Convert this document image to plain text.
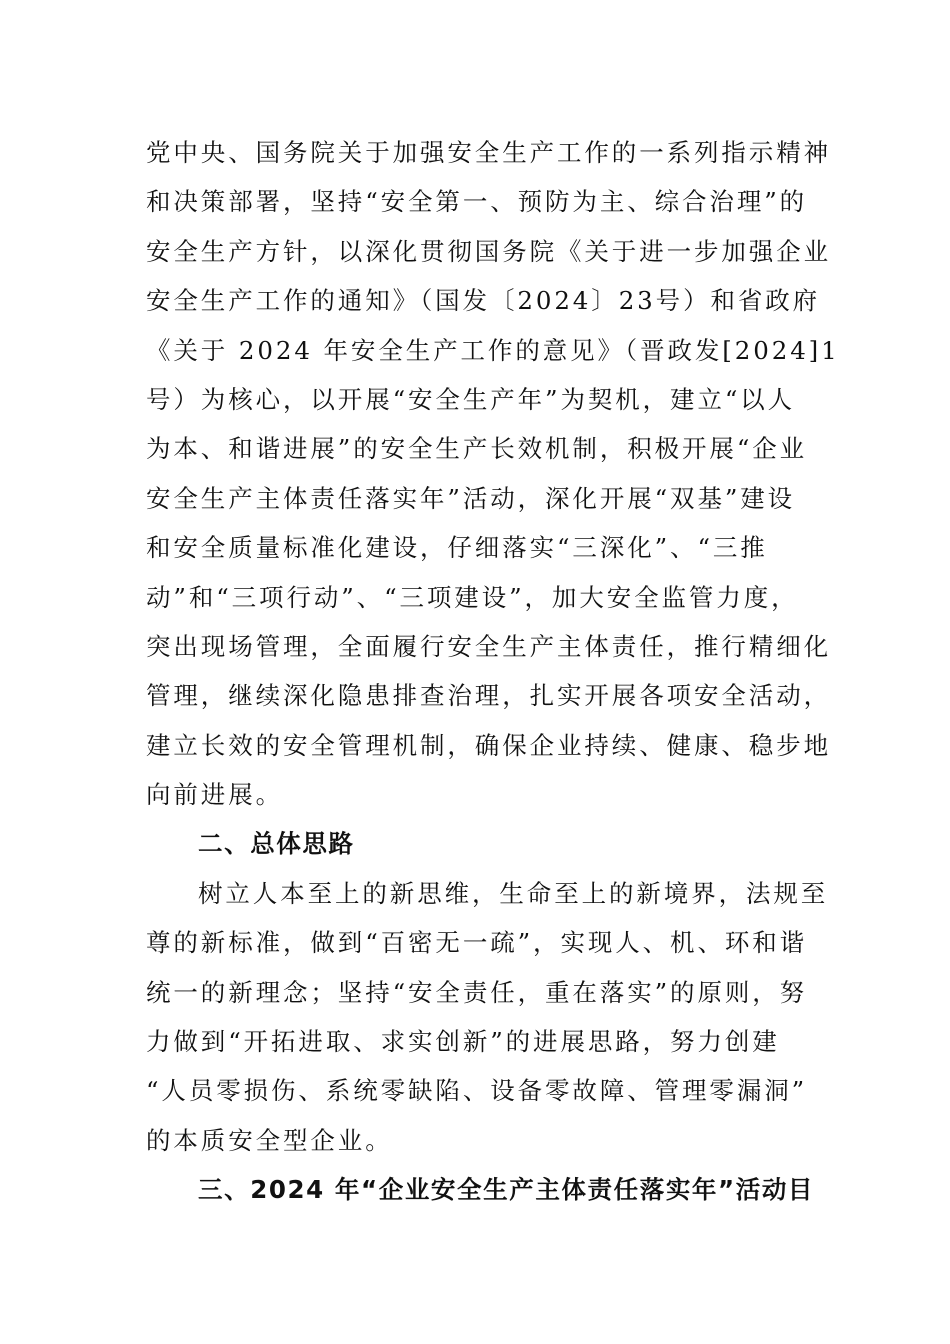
党中央、国务院关于加强安全生产工作的一系列指示精神
和决策部署，坚持“安全第一、预防为主、综合治理”的
安全生产方针，以深化贯彻国务院《关于进一步加强企业
安全生产工作的通知》（国发〔2024〕23号）和省政府
《关于 2024 年安全生产工作的意见》（晋政发[2024]1
号）为核心，以开展“安全生产年”为契机，建立“以人
为本、和谐进展”的安全生产长效机制，积极开展“企业
安全生产主体责任落实年”活动，深化开展“双基”建设
和安全质量标准化建设，仔细落实“三深化”、“三推
动”和“三项行动”、“三项建设”，加大安全监管力度，
突出现场管理，全面履行安全生产主体责任，推行精细化
管理，继续深化隐患排查治理，扎实开展各项安全活动，
建立长效的安全管理机制，确保企业持续、健康、稳步地
向前进展。
二、总体思路
树立人本至上的新思维，生命至上的新境界，法规至
尊的新标准，做到“百密无一疏”，实现人、机、环和谐
统一的新理念；坚持“安全责任，重在落实”的原则，努
力做到“开拓进取、求实创新”的进展思路，努力创建
“人员零损伤、系统零缺陷、设备零故障、管理零漏洞”
的本质安全型企业。
三、2024 年“企业安全生产主体责任落实年”活动目
